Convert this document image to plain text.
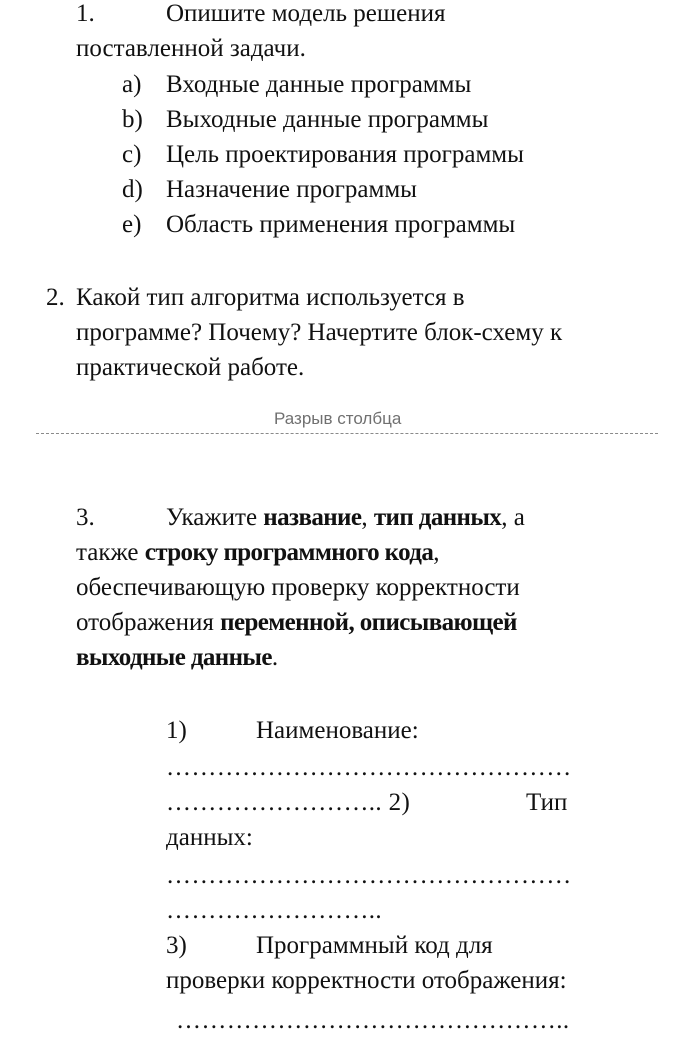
1.	Опишите модель решения
поставленной задачи.
a) Входные данные программы
b) Выходные данные программы
c) Цель проектирования программы
d) Назначение программы
e) Область применения программы
2. Какой тип алгоритма используется в
программе? Почему? Начертите блок-схему к
практической работе.
Разрыв столбца
3.	Укажите название, тип данных, а
также строку программного кода,
обеспечивающую проверку корректности
отображения переменной, описывающей
выходные данные.
1)	Наименование:
…………………………………………
…………………….. 2)	Тип
данных:
…………………………………………
……………………..
3)	Программный код для
проверки корректности отображения:
………………………………………..
